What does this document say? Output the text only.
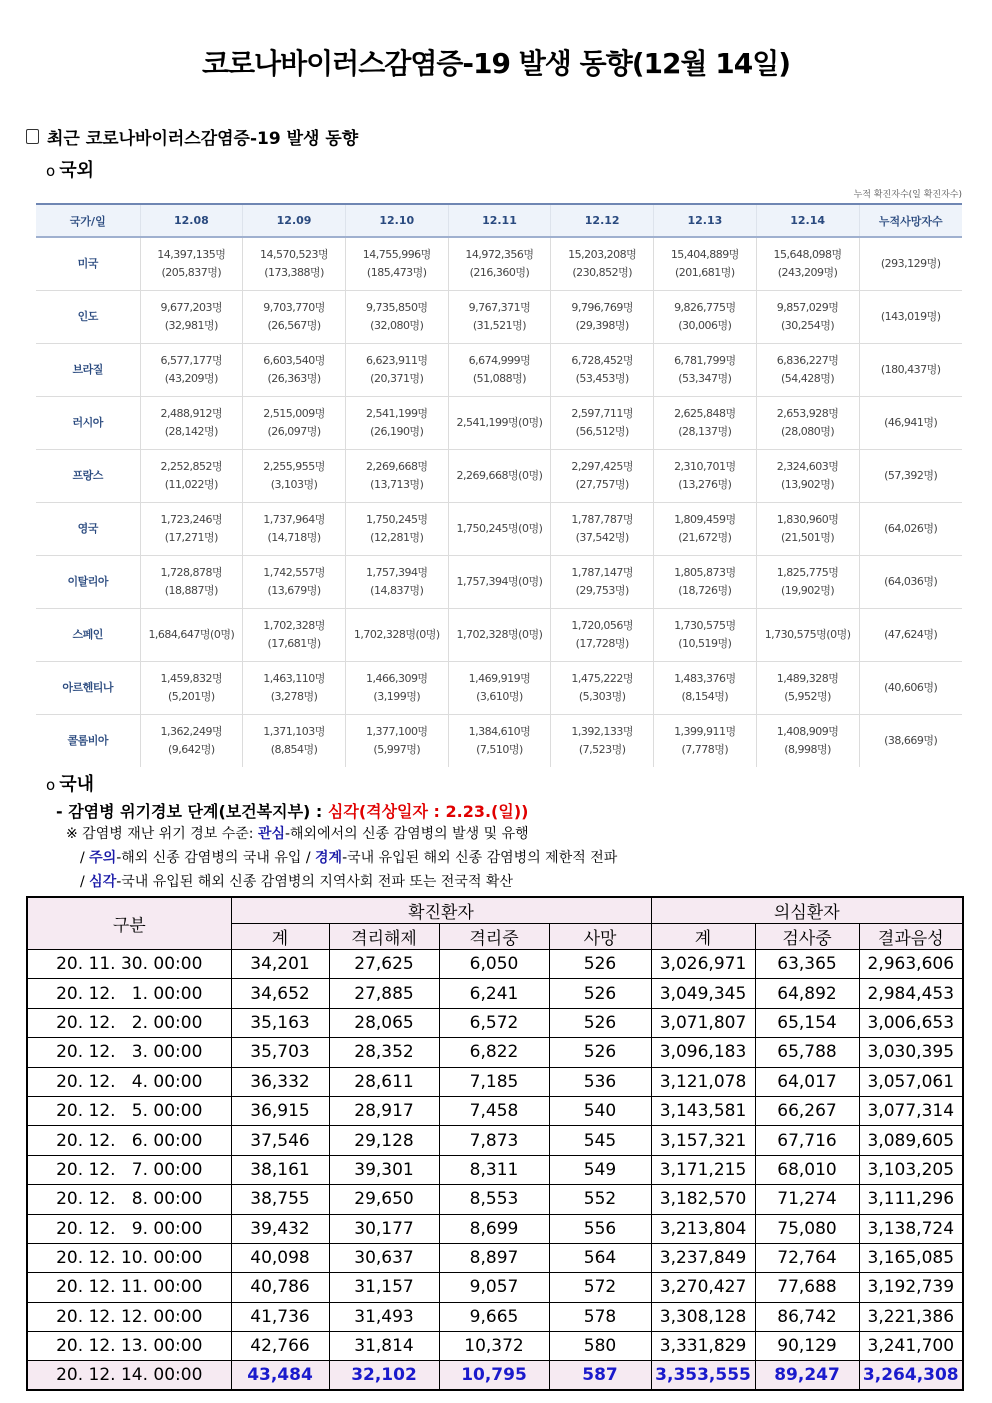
코로나바이러스감염증-19 발생 동향(12월 14일)
최근 코로나바이러스감염증-19 발생 동향
o 국외
누적 확진자수(일 확진자수)
국가/일	12.08	12.09	12.10	12.11	12.12	12.13	12.14	누적사망자수
미국	14,397,135명 (205,837명)	14,570,523명 (173,388명)	14,755,996명 (185,473명)	14,972,356명 (216,360명)	15,203,208명 (230,852명)	15,404,889명 (201,681명)	15,648,098명 (243,209명)	(293,129명)
인도	9,677,203명 (32,981명)	9,703,770명 (26,567명)	9,735,850명 (32,080명)	9,767,371명 (31,521명)	9,796,769명 (29,398명)	9,826,775명 (30,006명)	9,857,029명 (30,254명)	(143,019명)
브라질	6,577,177명 (43,209명)	6,603,540명 (26,363명)	6,623,911명 (20,371명)	6,674,999명 (51,088명)	6,728,452명 (53,453명)	6,781,799명 (53,347명)	6,836,227명 (54,428명)	(180,437명)
러시아	2,488,912명 (28,142명)	2,515,009명 (26,097명)	2,541,199명 (26,190명)	2,541,199명(0명)	2,597,711명 (56,512명)	2,625,848명 (28,137명)	2,653,928명 (28,080명)	(46,941명)
프랑스	2,252,852명 (11,022명)	2,255,955명 (3,103명)	2,269,668명 (13,713명)	2,269,668명(0명)	2,297,425명 (27,757명)	2,310,701명 (13,276명)	2,324,603명 (13,902명)	(57,392명)
영국	1,723,246명 (17,271명)	1,737,964명 (14,718명)	1,750,245명 (12,281명)	1,750,245명(0명)	1,787,787명 (37,542명)	1,809,459명 (21,672명)	1,830,960명 (21,501명)	(64,026명)
이탈리아	1,728,878명 (18,887명)	1,742,557명 (13,679명)	1,757,394명 (14,837명)	1,757,394명(0명)	1,787,147명 (29,753명)	1,805,873명 (18,726명)	1,825,775명 (19,902명)	(64,036명)
스페인	1,684,647명(0명)	1,702,328명 (17,681명)	1,702,328명(0명)	1,702,328명(0명)	1,720,056명 (17,728명)	1,730,575명 (10,519명)	1,730,575명(0명)	(47,624명)
아르헨티나	1,459,832명 (5,201명)	1,463,110명 (3,278명)	1,466,309명 (3,199명)	1,469,919명 (3,610명)	1,475,222명 (5,303명)	1,483,376명 (8,154명)	1,489,328명 (5,952명)	(40,606명)
콜롬비아	1,362,249명 (9,642명)	1,371,103명 (8,854명)	1,377,100명 (5,997명)	1,384,610명 (7,510명)	1,392,133명 (7,523명)	1,399,911명 (7,778명)	1,408,909명 (8,998명)	(38,669명)
o 국내
- 감염병 위기경보 단계(보건복지부) : 심각(격상일자 : 2.23.(일))
※ 감염병 재난 위기 경보 수준: 관심-해외에서의 신종 감염병의 발생 및 유행
/ 주의-해외 신종 감염병의 국내 유입 / 경계-국내 유입된 해외 신종 감염병의 제한적 전파
/ 심각-국내 유입된 해외 신종 감염병의 지역사회 전파 또는 전국적 확산
구분	확진환자				의심환자		
	계	격리해제	격리중	사망	계	검사중	결과음성
20. 11. 30. 00:00	34,201	27,625	6,050	526	3,026,971	63,365	2,963,606
20. 12.   1. 00:00	34,652	27,885	6,241	526	3,049,345	64,892	2,984,453
20. 12.   2. 00:00	35,163	28,065	6,572	526	3,071,807	65,154	3,006,653
20. 12.   3. 00:00	35,703	28,352	6,822	526	3,096,183	65,788	3,030,395
20. 12.   4. 00:00	36,332	28,611	7,185	536	3,121,078	64,017	3,057,061
20. 12.   5. 00:00	36,915	28,917	7,458	540	3,143,581	66,267	3,077,314
20. 12.   6. 00:00	37,546	29,128	7,873	545	3,157,321	67,716	3,089,605
20. 12.   7. 00:00	38,161	39,301	8,311	549	3,171,215	68,010	3,103,205
20. 12.   8. 00:00	38,755	29,650	8,553	552	3,182,570	71,274	3,111,296
20. 12.   9. 00:00	39,432	30,177	8,699	556	3,213,804	75,080	3,138,724
20. 12. 10. 00:00	40,098	30,637	8,897	564	3,237,849	72,764	3,165,085
20. 12. 11. 00:00	40,786	31,157	9,057	572	3,270,427	77,688	3,192,739
20. 12. 12. 00:00	41,736	31,493	9,665	578	3,308,128	86,742	3,221,386
20. 12. 13. 00:00	42,766	31,814	10,372	580	3,331,829	90,129	3,241,700
20. 12. 14. 00:00	43,484	32,102	10,795	587	3,353,555	89,247	3,264,308
